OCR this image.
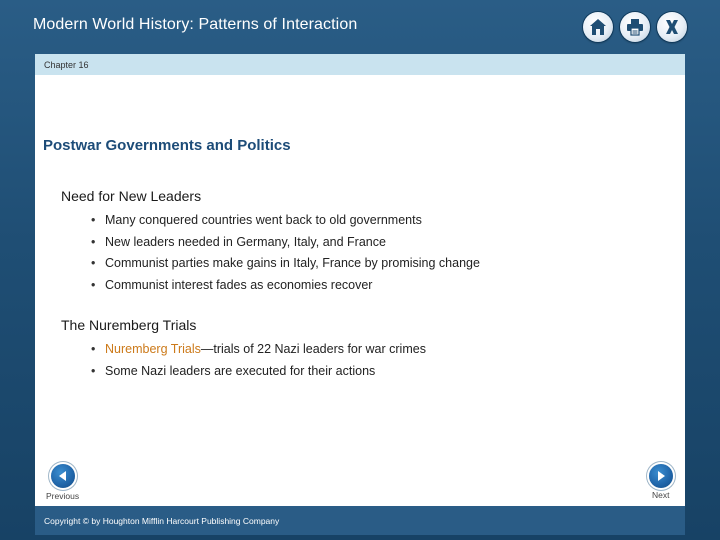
Modern World History: Patterns of Interaction
Chapter 16
Postwar Governments and Politics
Need for New Leaders
• Many conquered countries went back to old governments
• New leaders needed in Germany, Italy, and France
• Communist parties make gains in Italy, France by promising change
• Communist interest fades as economies recover
The Nuremberg Trials
• Nuremberg Trials—trials of 22 Nazi leaders for war crimes
• Some Nazi leaders are executed for their actions
Previous	Next
Copyright © by Houghton Mifflin Harcourt Publishing Company
